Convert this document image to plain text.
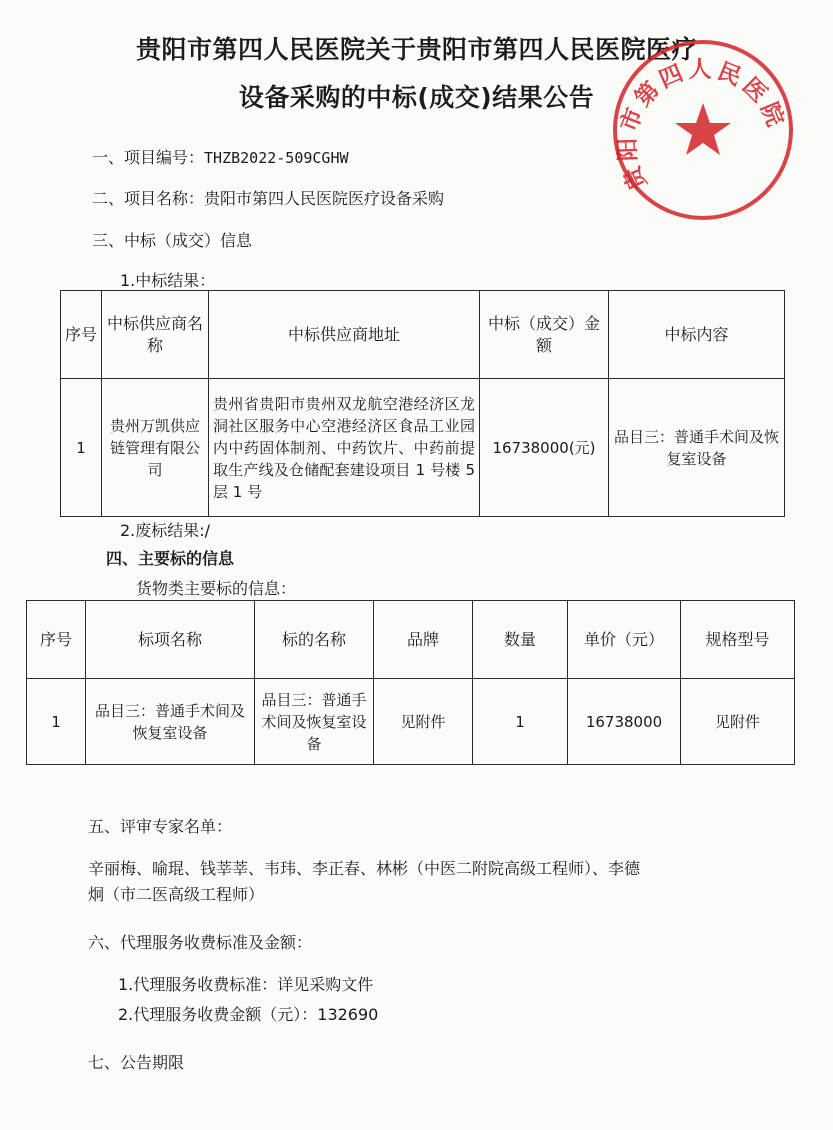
贵阳市第四人民医院关于贵阳市第四人民医院医疗
设备采购的中标(成交)结果公告
贵阳市第四人民医院
一、项目编号：THZB2022-509CGHW
二、项目名称：贵阳市第四人民医院医疗设备采购
三、中标（成交）信息
1.中标结果：
序号	中标供应商名称	中标供应商地址	中标（成交）金额	中标内容
1	贵州万凯供应链管理有限公司	贵州省贵阳市贵州双龙航空港经济区龙洞社区服务中心空港经济区食品工业园内中药固体制剂、中药饮片、中药前提取生产线及仓储配套建设项目 1 号楼 5 层 1 号	16738000(元)	品目三：普通手术间及恢复室设备
2.废标结果:/
四、主要标的信息
货物类主要标的信息：
序号	标项名称	标的名称	品牌	数量	单价（元）	规格型号
1	品目三：普通手术间及恢复室设备	品目三：普通手术间及恢复室设备	见附件	1	16738000	见附件
五、评审专家名单：
辛丽梅、喻琨、钱莘莘、韦玮、李正春、林彬（中医二附院高级工程师）、李德
炯（市二医高级工程师）
六、代理服务收费标准及金额：
1.代理服务收费标准：详见采购文件
2.代理服务收费金额（元）：132690
七、公告期限
